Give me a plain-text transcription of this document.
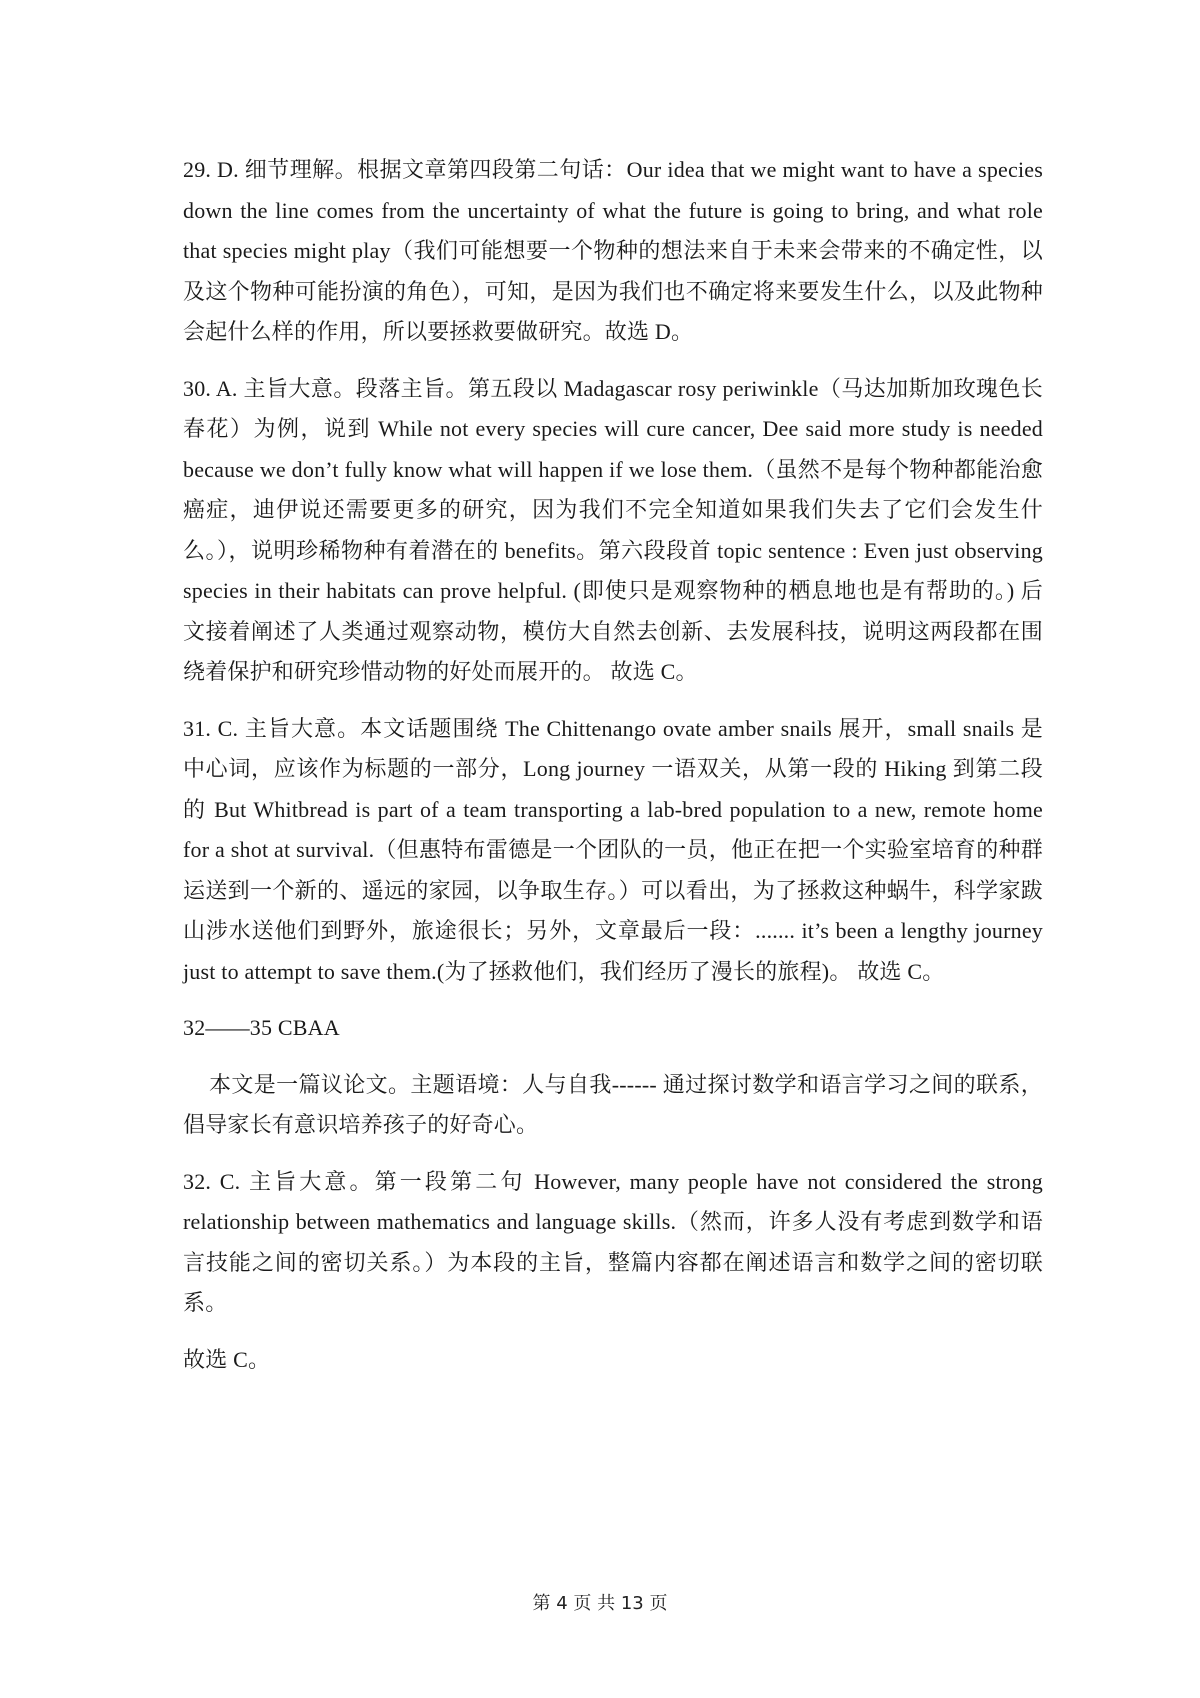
29. D. 细节理解。根据文章第四段第二句话：Our idea that we might want to have a species down the line comes from the uncertainty of what the future is going to bring, and what role that species might play（我们可能想要一个物种的想法来自于未来会带来的不确定性，以及这个物种可能扮演的角色），可知，是因为我们也不确定将来要发生什么，以及此物种会起什么样的作用，所以要拯救要做研究。故选 D。

30. A. 主旨大意。段落主旨。第五段以 Madagascar rosy periwinkle（马达加斯加玫瑰色长春花）为例，说到 While not every species will cure cancer, Dee said more study is needed because we don’t fully know what will happen if we lose them.（虽然不是每个物种都能治愈癌症，迪伊说还需要更多的研究，因为我们不完全知道如果我们失去了它们会发生什么。），说明珍稀物种有着潜在的 benefits。第六段段首 topic sentence : Even just observing species in their habitats can prove helpful. (即使只是观察物种的栖息地也是有帮助的。) 后文接着阐述了人类通过观察动物，模仿大自然去创新、去发展科技，说明这两段都在围绕着保护和研究珍惜动物的好处而展开的。 故选 C。

31. C. 主旨大意。本文话题围绕 The Chittenango ovate amber snails 展开，small snails 是中心词，应该作为标题的一部分，Long journey 一语双关，从第一段的 Hiking 到第二段的 But Whitbread is part of a team transporting a lab-bred population to a new, remote home for a shot at survival.（但惠特布雷德是一个团队的一员，他正在把一个实验室培育的种群运送到一个新的、遥远的家园，以争取生存。）可以看出，为了拯救这种蜗牛，科学家跋山涉水送他们到野外，旅途很长；另外，文章最后一段：....... it’s been a lengthy journey just to attempt to save them.(为了拯救他们，我们经历了漫长的旅程)。 故选 C。

32——35 CBAA

本文是一篇议论文。主题语境：人与自我------ 通过探讨数学和语言学习之间的联系，倡导家长有意识培养孩子的好奇心。

32. C. 主旨大意。第一段第二句 However, many people have not considered the strong relationship between mathematics and language skills.（然而，许多人没有考虑到数学和语言技能之间的密切关系。）为本段的主旨，整篇内容都在阐述语言和数学之间的密切联系。

故选 C。

第 4 页 共 13 页
